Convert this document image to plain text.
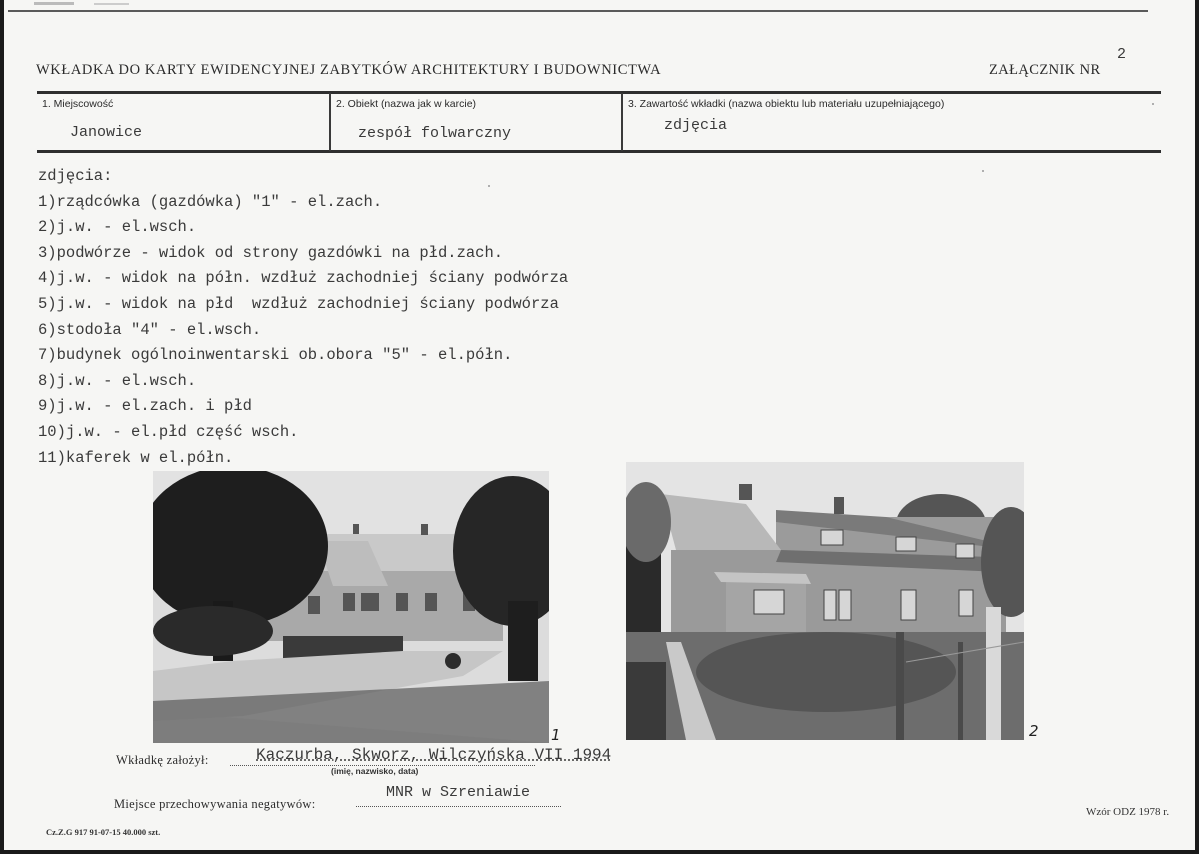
WKŁADKA DO KARTY EWIDENCYJNEJ ZABYTKÓW ARCHITEKTURY I BUDOWNICTWA	ZAŁĄCZNIK NR
2
1. Miejscowość	2. Obiekt (nazwa jak w karcie)	3. Zawartość wkładki (nazwa obiektu lub materiału uzupełniającego)
Janowice	zespół folwarczny	zdjęcia
zdjęcia:
1)rządcówka (gazdówka) "1" - el.zach.
2)j.w. - el.wsch.
3)podwórze - widok od strony gazdówki na płd.zach.
4)j.w. - widok na półn. wzdłuż zachodniej ściany podwórza
5)j.w. - widok na płd  wzdłuż zachodniej ściany podwórza
6)stodoła "4" - el.wsch.
7)budynek ogólnoinwentarski ob.obora "5" - el.półn.
8)j.w. - el.wsch.
9)j.w. - el.zach. i płd
10)j.w. - el.płd część wsch.
11)kaferek w el.półn.
1	2
Wkładkę założył:	Kaczurba, Skworz, Wilczyńska VII 1994
(imię, nazwisko, data)
Miejsce przechowywania negatywów:
MNR w Szreniawie
Cz.Z.G 917 91-07-15 40.000 szt.
Wzór ODZ 1978 r.
